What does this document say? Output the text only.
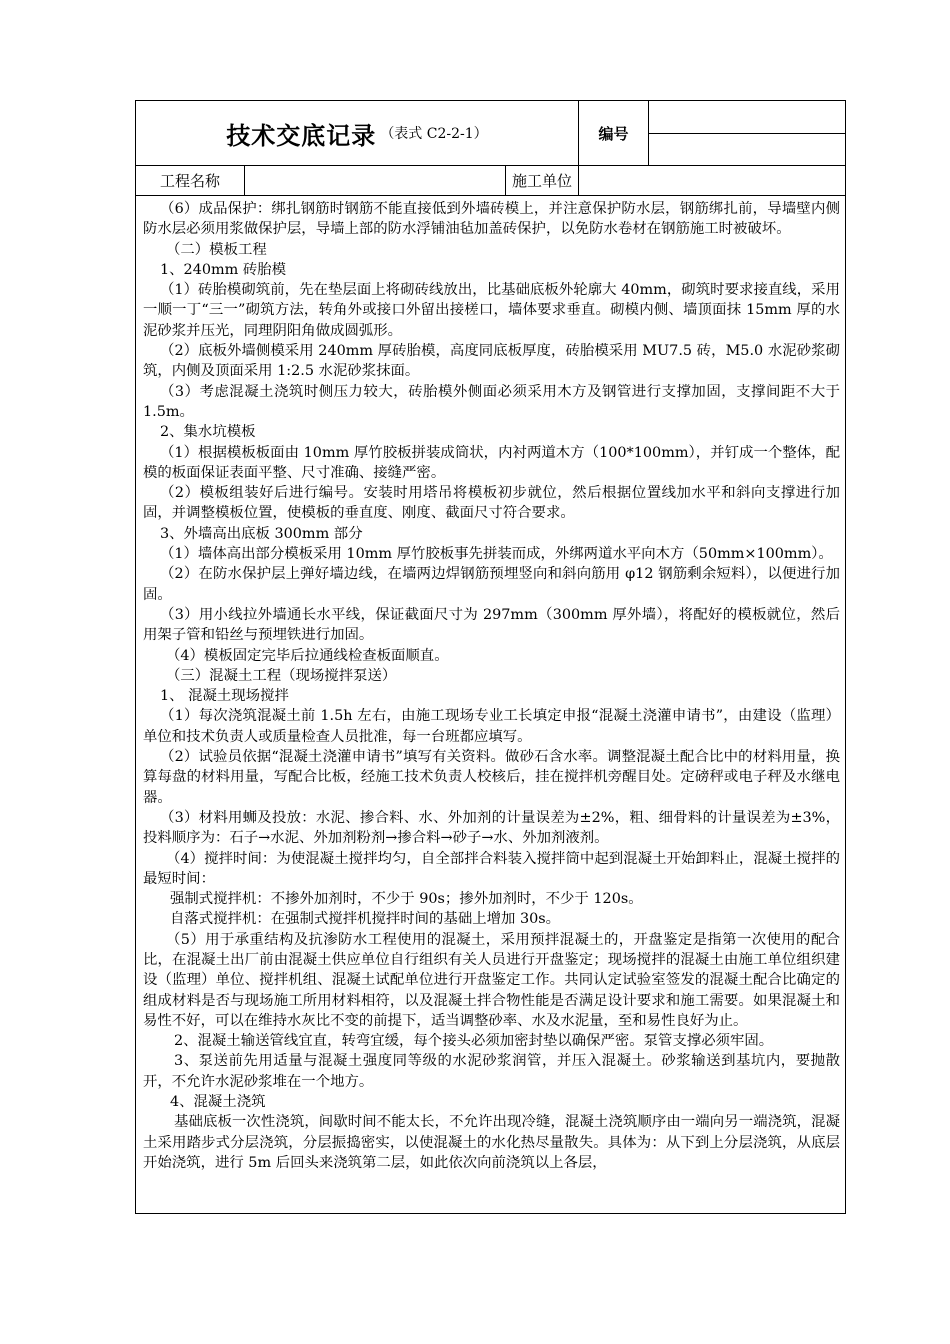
技术交底记录 （表式 C2-2-1）	编号
工程名称	施工单位

（6）成品保护：绑扎钢筋时钢筋不能直接低到外墙砖模上，并注意保护防水层，钢筋绑扎前，导墙壁内侧防水层必须用浆做保护层，导墙上部的防水浮铺油毡加盖砖保护，以免防水卷材在钢筋施工时被破坏。

（二）模板工程

1、240mm 砖胎模

（1）砖胎模砌筑前，先在垫层面上将砌砖线放出，比基础底板外轮廓大 40mm，砌筑时要求接直线，采用一顺一丁“三一”砌筑方法，转角外或接口外留出接槎口，墙体要求垂直。砌模内侧、墙顶面抹 15mm 厚的水泥砂浆并压光，同理阴阳角做成圆弧形。

（2）底板外墙侧模采用 240mm 厚砖胎模，高度同底板厚度，砖胎模采用 MU7.5 砖，M5.0 水泥砂浆砌筑，内侧及顶面采用 1:2.5 水泥砂浆抹面。

（3）考虑混凝土浇筑时侧压力较大，砖胎模外侧面必须采用木方及钢管进行支撑加固，支撑间距不大于 1.5m。

2、集水坑模板

（1）根据模板板面由 10mm 厚竹胶板拼装成筒状，内衬两道木方（100*100mm），并钉成一个整体，配模的板面保证表面平整、尺寸准确、接缝严密。

（2）模板组装好后进行编号。安装时用塔吊将模板初步就位，然后根据位置线加水平和斜向支撑进行加固，并调整模板位置，使模板的垂直度、刚度、截面尺寸符合要求。

3、外墙高出底板 300mm 部分

（1）墙体高出部分模板采用 10mm 厚竹胶板事先拼装而成，外绑两道水平向木方（50mm×100mm）。

（2）在防水保护层上弹好墙边线，在墙两边焊钢筋预埋竖向和斜向筋用 φ12 钢筋剩余短料），以便进行加固。

（3）用小线拉外墙通长水平线，保证截面尺寸为 297mm（300mm 厚外墙），将配好的模板就位，然后用架子管和铅丝与预埋铁进行加固。

（4）模板固定完毕后拉通线检查板面顺直。

（三）混凝土工程（现场搅拌泵送）

1、 混凝土现场搅拌

（1）每次浇筑混凝土前 1.5h 左右，由施工现场专业工长填定申报“混凝土浇灌申请书”，由建设（监理）单位和技术负责人或质量检查人员批准，每一台班都应填写。

（2）试验员依据“混凝土浇灌申请书”填写有关资料。做砂石含水率。调整混凝土配合比中的材料用量，换算每盘的材料用量，写配合比板，经施工技术负责人校核后，挂在搅拌机旁醒目处。定磅秤或电子秤及水继电器。

（3）材料用蛳及投放：水泥、掺合料、水、外加剂的计量误差为±2%，粗、细骨料的计量误差为±3%，投料顺序为：石子→水泥、外加剂粉剂→掺合料→砂子→水、外加剂液剂。

（4）搅拌时间：为使混凝土搅拌均匀，自全部拌合料装入搅拌筒中起到混凝土开始卸料止，混凝土搅拌的最短时间：

强制式搅拌机：不掺外加剂时，不少于 90s；掺外加剂时，不少于 120s。

自落式搅拌机：在强制式搅拌机搅拌时间的基础上增加 30s。

（5）用于承重结构及抗渗防水工程使用的混凝土，采用预拌混凝土的，开盘鉴定是指第一次使用的配合比，在混凝土出厂前由混凝土供应单位自行组织有关人员进行开盘鉴定；现场搅拌的混凝土由施工单位组织建设（监理）单位、搅拌机组、混凝土试配单位进行开盘鉴定工作。共同认定试验室签发的混凝土配合比确定的组成材料是否与现场施工所用材料相符，以及混凝土拌合物性能是否满足设计要求和施工需要。如果混凝土和易性不好，可以在维持水灰比不变的前提下，适当调整砂率、水及水泥量，至和易性良好为止。

2、混凝土输送管线宜直，转弯宜缓，每个接头必须加密封垫以确保严密。泵管支撑必须牢固。

3、泵送前先用适量与混凝土强度同等级的水泥砂浆润管，并压入混凝土。砂浆输送到基坑内，要抛散开，不允许水泥砂浆堆在一个地方。

4、混凝土浇筑

基础底板一次性浇筑，间歇时间不能太长，不允许出现冷缝，混凝土浇筑顺序由一端向另一端浇筑，混凝土采用踏步式分层浇筑，分层振捣密实，以使混凝土的水化热尽量散失。具体为：从下到上分层浇筑，从底层开始浇筑，进行 5m 后回头来浇筑第二层，如此依次向前浇筑以上各层，
